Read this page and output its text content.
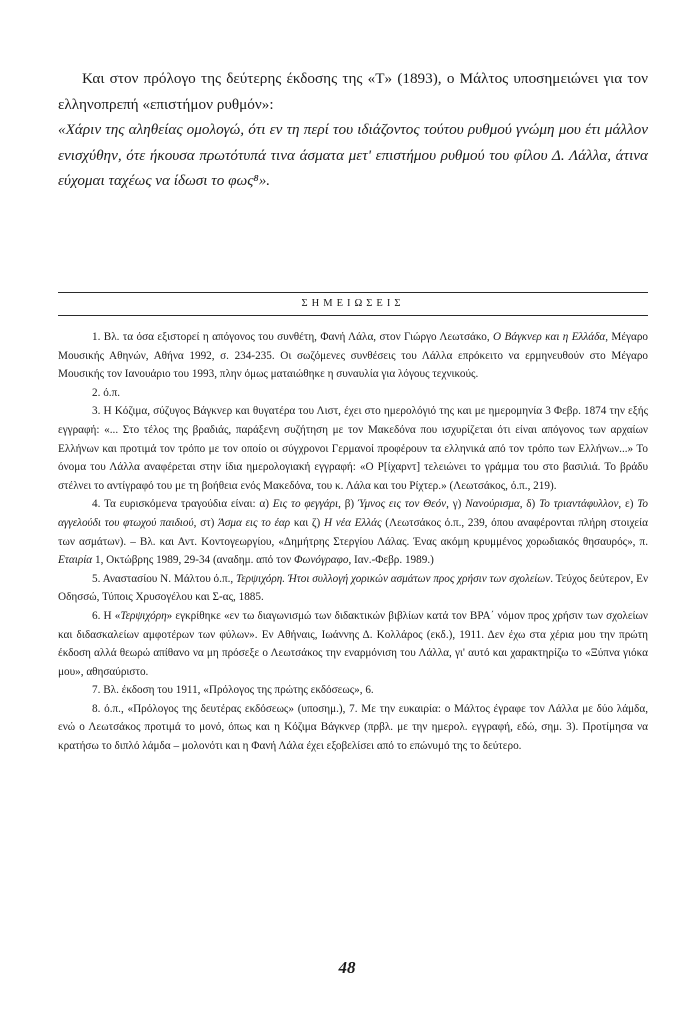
Και στον πρόλογο της δεύτερης έκδοσης της «Τ» (1893), ο Μάλτος υποσημειώνει για τον ελληνοπρεπή «επιστήμον ρυθμόν»:

«Χάριν της αληθείας ομολογώ, ότι εν τη περί του ιδιάζοντος τούτου ρυθμού γνώμη μου έτι μάλλον ενισχύθην, ότε ήκουσα πρωτότυπά τινα άσματα μετ' επιστήμου ρυθμού του φίλου Δ. Λάλλα, άτινα εύχομαι ταχέως να ίδωσι το φως⁸».

ΣΗΜΕΙΩΣΕΙΣ

1. Βλ. τα όσα εξιστορεί η απόγονος του συνθέτη, Φανή Λάλα, στον Γιώργο Λεωτσάκο, Ο Βάγκνερ και η Ελλάδα, Μέγαρο Μουσικής Αθηνών, Αθήνα 1992, σ. 234-235. Οι σωζόμενες συνθέσεις του Λάλλα επρόκειτο να ερμηνευθούν στο Μέγαρο Μουσικής τον Ιανουάριο του 1993, πλην όμως ματαιώθηκε η συναυλία για λόγους τεχνικούς.

2. ό.π.

3. Η Κόζιμα, σύζυγος Βάγκνερ και θυγατέρα του Λιστ, έχει στο ημερολόγιό της και με ημερομηνία 3 Φεβρ. 1874 την εξής εγγραφή: «... Στο τέλος της βραδιάς, παράξενη συζήτηση με τον Μακεδόνα που ισχυρίζεται ότι είναι απόγονος των αρχαίων Ελλήνων και προτιμά τον τρόπο με τον οποίο οι σύγχρονοι Γερμανοί προφέρουν τα ελληνικά από τον τρόπο των Ελλήνων...» Το όνομα του Λάλλα αναφέρεται στην ίδια ημερολογιακή εγγραφή: «Ο Ρ[ίχαρντ] τελειώνει το γράμμα του στο βασιλιά. Το βράδυ στέλνει το αντίγραφό του με τη βοήθεια ενός Μακεδόνα, του κ. Λάλα και του Ρίχτερ.» (Λεωτσάκος, ό.π., 219).

4. Τα ευρισκόμενα τραγούδια είναι: α) Εις το φεγγάρι, β) Ύμνος εις τον Θεόν, γ) Νανούρισμα, δ) Το τριαντάφυλλον, ε) Το αγγελούδι του φτωχού παιδιού, στ) Άσμα εις το έαρ και ζ) Η νέα Ελλάς (Λεωτσάκος ό.π., 239, όπου αναφέρονται πλήρη στοιχεία των ασμάτων). – Βλ. και Αντ. Κοντογεωργίου, «Δημήτρης Στεργίου Λάλας. Ένας ακόμη κρυμμένος χορωδιακός θησαυρός», π. Εταιρία 1, Οκτώβρης 1989, 29-34 (αναδημ. από τον Φωνόγραφο, Ιαν.-Φεβρ. 1989.)

5. Αναστασίου Ν. Μάλτου ό.π., Τερψιχόρη. Ήτοι συλλογή χορικών ασμάτων προς χρήσιν των σχολείων. Τεύχος δεύτερον, Εν Οδησσώ, Τύποις Χρυσογέλου και Σ-ας, 1885.

6. Η «Τερψιχόρη» εγκρίθηκε «εν τω διαγωνισμώ των διδακτικών βιβλίων κατά τον ΒΡΑ΄ νόμον προς χρήσιν των σχολείων και διδασκαλείων αμφοτέρων των φύλων». Εν Αθήναις, Ιωάννης Δ. Κολλάρος (εκδ.), 1911. Δεν έχω στα χέρια μου την πρώτη έκδοση αλλά θεωρώ απίθανο να μη πρόσεξε ο Λεωτσάκος την εναρμόνιση του Λάλλα, γι' αυτό και χαρακτηρίζω το «Ξύπνα γιόκα μου», αθησαύριστο.

7. Βλ. έκδοση του 1911, «Πρόλογος της πρώτης εκδόσεως», 6.

8. ό.π., «Πρόλογος της δευτέρας εκδόσεως» (υποσημ.), 7. Με την ευκαιρία: ο Μάλτος έγραφε τον Λάλλα με δύο λάμδα, ενώ ο Λεωτσάκος προτιμά το μονό, όπως και η Κόζιμα Βάγκνερ (πρβλ. με την ημερολ. εγγραφή, εδώ, σημ. 3). Προτίμησα να κρατήσω το διπλό λάμδα – μολονότι και η Φανή Λάλα έχει εξοβελίσει από το επώνυμό της το δεύτερο.

48
